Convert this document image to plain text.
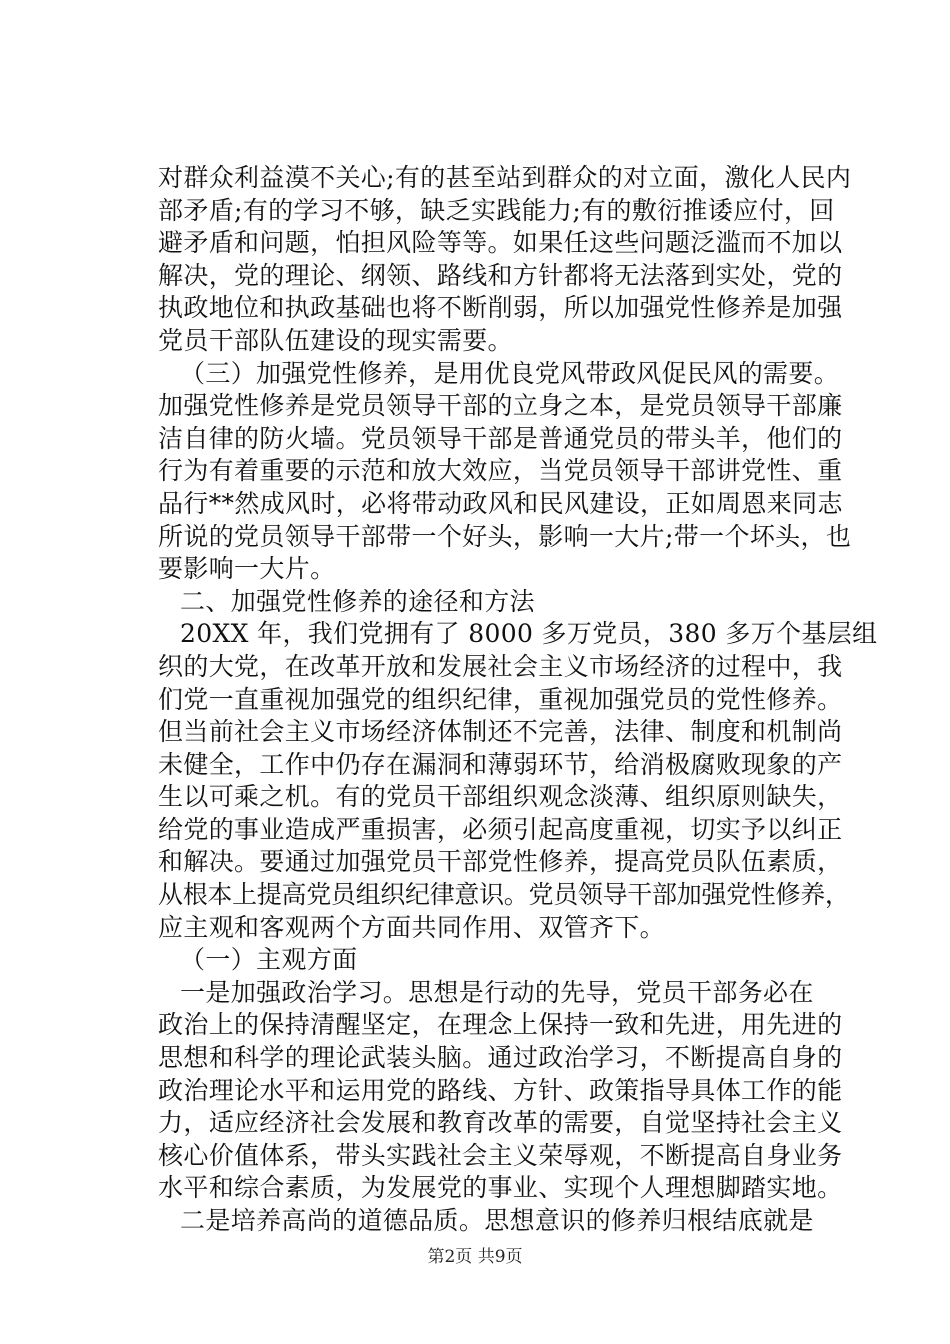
对群众利益漠不关心;有的甚至站到群众的对立面，激化人民内
部矛盾;有的学习不够，缺乏实践能力;有的敷衍推诿应付，回
避矛盾和问题，怕担风险等等。如果任这些问题泛滥而不加以
解决，党的理论、纲领、路线和方针都将无法落到实处，党的
执政地位和执政基础也将不断削弱，所以加强党性修养是加强
党员干部队伍建设的现实需要。
（三）加强党性修养，是用优良党风带政风促民风的需要。
加强党性修养是党员领导干部的立身之本，是党员领导干部廉
洁自律的防火墙。党员领导干部是普通党员的带头羊，他们的
行为有着重要的示范和放大效应，当党员领导干部讲党性、重
品行**然成风时，必将带动政风和民风建设，正如周恩来同志
所说的党员领导干部带一个好头，影响一大片;带一个坏头，也
要影响一大片。
二、加强党性修养的途径和方法
20XX 年，我们党拥有了 8000 多万党员，380 多万个基层组
织的大党，在改革开放和发展社会主义市场经济的过程中，我
们党一直重视加强党的组织纪律，重视加强党员的党性修养。
但当前社会主义市场经济体制还不完善，法律、制度和机制尚
未健全，工作中仍存在漏洞和薄弱环节，给消极腐败现象的产
生以可乘之机。有的党员干部组织观念淡薄、组织原则缺失，
给党的事业造成严重损害，必须引起高度重视，切实予以纠正
和解决。要通过加强党员干部党性修养，提高党员队伍素质，
从根本上提高党员组织纪律意识。党员领导干部加强党性修养，
应主观和客观两个方面共同作用、双管齐下。
（一）主观方面
一是加强政治学习。思想是行动的先导，党员干部务必在
政治上的保持清醒坚定，在理念上保持一致和先进，用先进的
思想和科学的理论武装头脑。通过政治学习，不断提高自身的
政治理论水平和运用党的路线、方针、政策指导具体工作的能
力，适应经济社会发展和教育改革的需要，自觉坚持社会主义
核心价值体系，带头实践社会主义荣辱观，不断提高自身业务
水平和综合素质，为发展党的事业、实现个人理想脚踏实地。
二是培养高尚的道德品质。思想意识的修养归根结底就是
第2页 共9页
